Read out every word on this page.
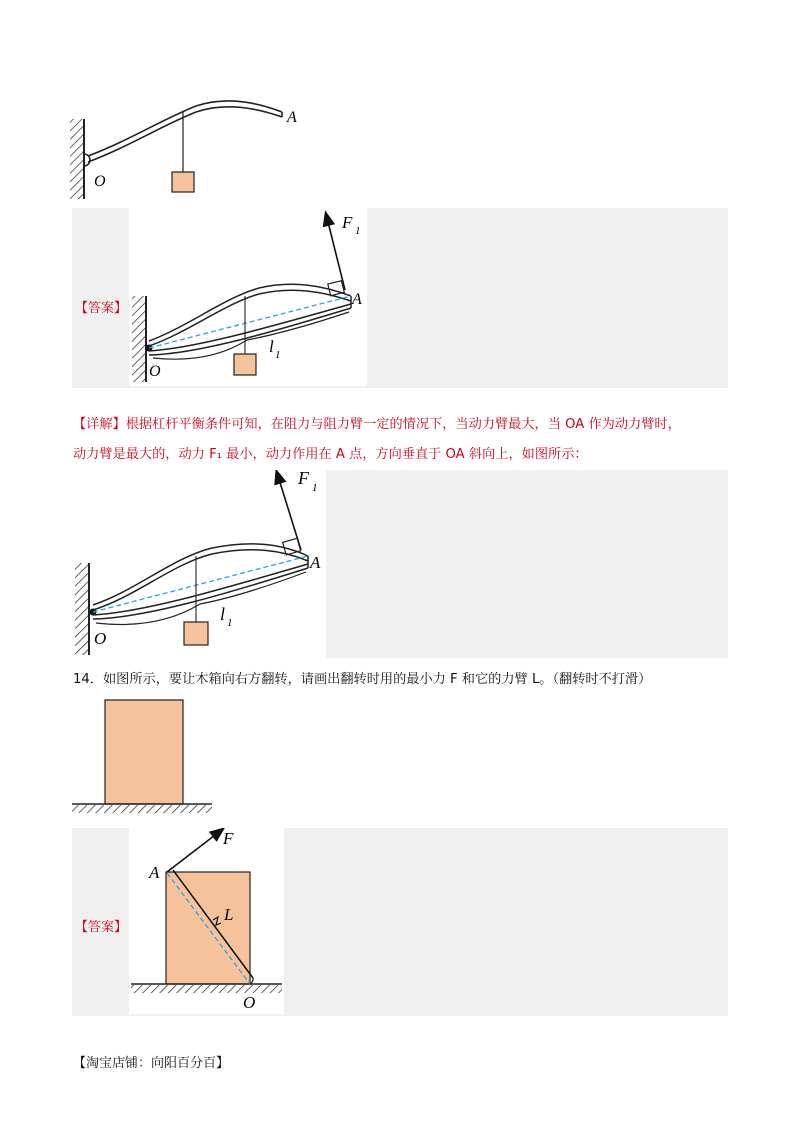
A
O
【答案】
F 1
A
O
l 1
【详解】根据杠杆平衡条件可知，在阻力与阻力臂一定的情况下，当动力臂最大，当 OA 作为动力臂时，
动力臂是最大的，动力 F₁ 最小，动力作用在 A 点，方向垂直于 OA 斜向上，如图所示：
F 1
A
O
l 1
14．如图所示，要让木箱向右方翻转，请画出翻转时用的最小力 F 和它的力臂 L。（翻转时不打滑）
【答案】
F
A
L
O
【淘宝店铺：向阳百分百】
